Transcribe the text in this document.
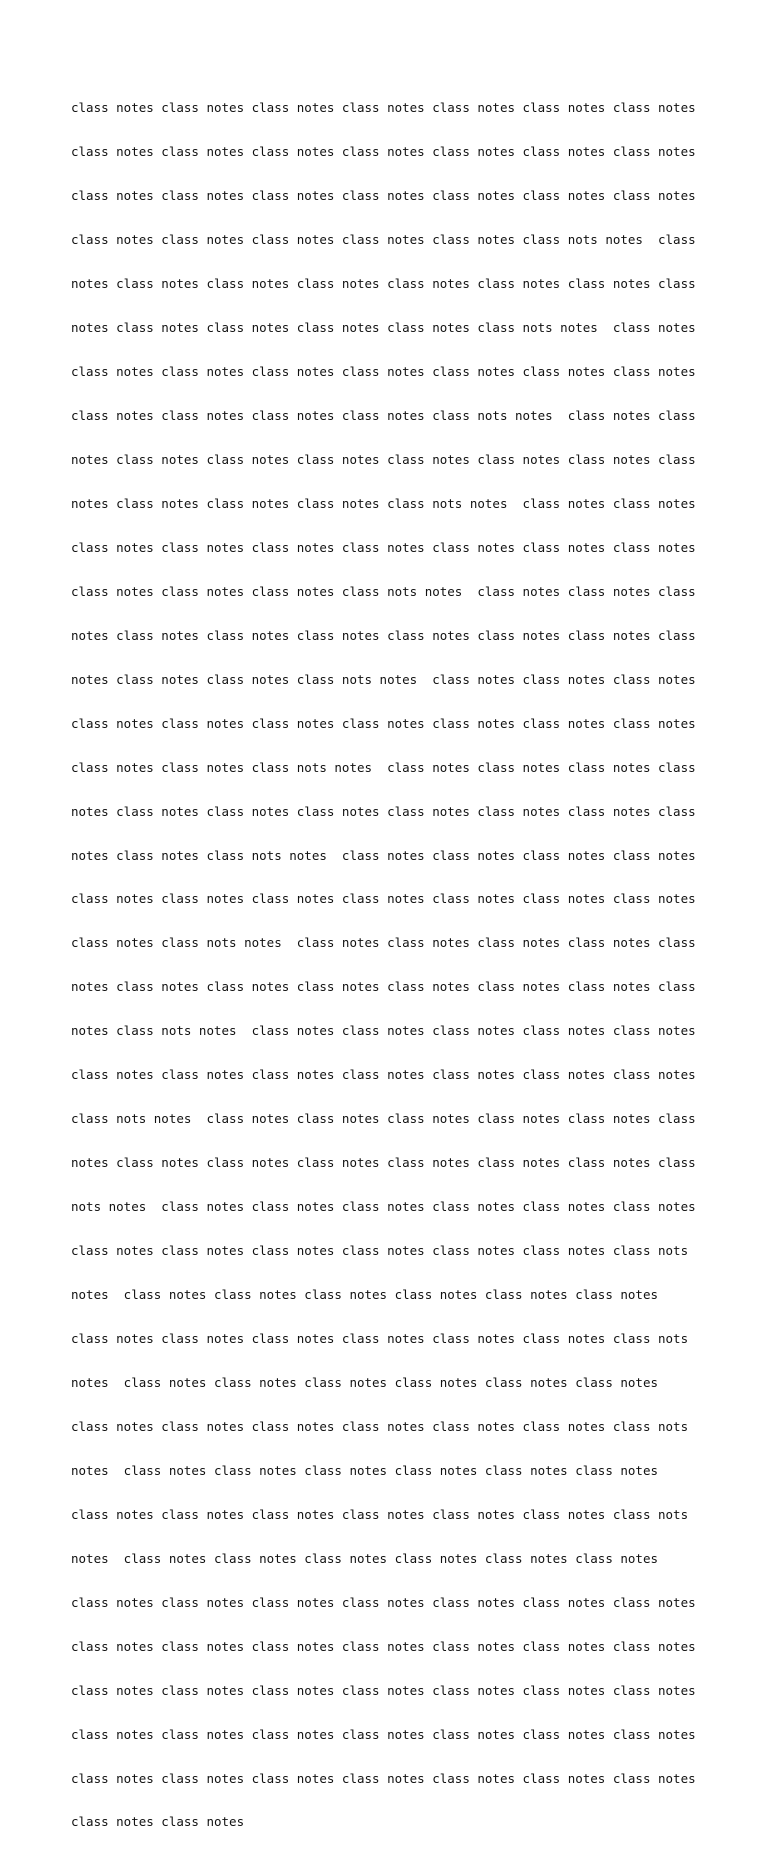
class notes class notes class notes class notes class notes class notes class notes

class notes class notes class notes class notes class notes class notes class notes

class notes class notes class notes class notes class notes class notes class notes

class notes class notes class notes class notes class notes class nots notes  class

notes class notes class notes class notes class notes class notes class notes class

notes class notes class notes class notes class notes class nots notes  class notes

class notes class notes class notes class notes class notes class notes class notes

class notes class notes class notes class notes class nots notes  class notes class

notes class notes class notes class notes class notes class notes class notes class

notes class notes class notes class notes class nots notes  class notes class notes

class notes class notes class notes class notes class notes class notes class notes

class notes class notes class notes class nots notes  class notes class notes class

notes class notes class notes class notes class notes class notes class notes class

notes class notes class notes class nots notes  class notes class notes class notes

class notes class notes class notes class notes class notes class notes class notes

class notes class notes class nots notes  class notes class notes class notes class

notes class notes class notes class notes class notes class notes class notes class

notes class notes class nots notes  class notes class notes class notes class notes

class notes class notes class notes class notes class notes class notes class notes

class notes class nots notes  class notes class notes class notes class notes class

notes class notes class notes class notes class notes class notes class notes class

notes class nots notes  class notes class notes class notes class notes class notes

class notes class notes class notes class notes class notes class notes class notes

class nots notes  class notes class notes class notes class notes class notes class

notes class notes class notes class notes class notes class notes class notes class

nots notes  class notes class notes class notes class notes class notes class notes

class notes class notes class notes class notes class notes class notes class nots

notes  class notes class notes class notes class notes class notes class notes

class notes class notes class notes class notes class notes class notes class nots

notes  class notes class notes class notes class notes class notes class notes

class notes class notes class notes class notes class notes class notes class nots

notes  class notes class notes class notes class notes class notes class notes

class notes class notes class notes class notes class notes class notes class nots

notes  class notes class notes class notes class notes class notes class notes

class notes class notes class notes class notes class notes class notes class notes

class notes class notes class notes class notes class notes class notes class notes

class notes class notes class notes class notes class notes class notes class notes

class notes class notes class notes class notes class notes class notes class notes

class notes class notes class notes class notes class notes class notes class notes

class notes class notes
